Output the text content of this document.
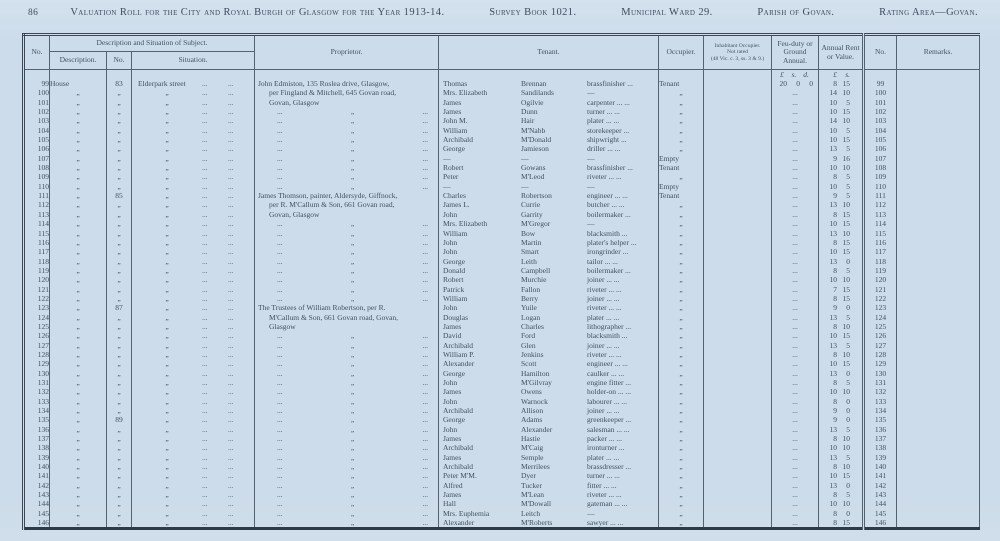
86	Valuation Roll for the City and Royal Burgh of Glasgow for the Year 1913-14.	Survey Book 1021.	Municipal Ward 29.	Parish of Govan.	Rating Area—Govan.
No.	Description and Situation of Subject.			Proprietor.	Tenant.	Occupier.	Inhabitant Occupier.
Not rated
(48 Vic. c. 3, ss. 3 & 9.)	Feu-duty or Ground Annual.	Annual Rent or Value.	No.	Remarks.
	Description.	No.	Situation.								

								£ s. d.	£ s.		

99	House	83	Elderpark street ... ...	John Edmiston, 135 Roslea drive, Glasgow,	Thomas Brennan brassfinisher ...	Tenant		20 0 0	8 15	99	
100	„	„	„ ... ...	per Fingland & Mitchell, 645 Govan road,	Mrs. Elizabeth Sandilands —	„		...	14 10	100	
101	„	„	„ ... ...	Govan, Glasgow	James Ogilvie carpenter ... ...	„		...	10 5	101	
102	„	„	„ ... ...	... „ ...	James Dunn turner ... ...	„		...	10 15	102	
103	„	„	„ ... ...	... „ ...	John M. Hair plater ... ...	„		...	14 10	103	
104	„	„	„ ... ...	... „ ...	William M'Nabb storekeeper ...	„		...	10 5	104	
105	„	„	„ ... ...	... „ ...	Archibald M'Donald shipwright ...	„		...	10 15	105	
106	„	„	„ ... ...	... „ ...	George Jamieson driller ... ...	„		...	13 5	106	
107	„	„	„ ... ...	... „ ...	— — —	Empty		...	9 16	107	
108	„	„	„ ... ...	... „ ...	Robert Gowans brassfinisher ...	Tenant		...	10 10	108	
109	„	„	„ ... ...	... „ ...	Peter M'Leod riveter ... ...	„		...	8 5	109	
110	„	„	„ ... ...	... „ ...	— — —	Empty		...	10 5	110	
111	„	85	„ ... ...	James Thomson, painter, Aldersyde, Giffnock,	Charles Robertson engineer ... ...	Tenant		...	9 5	111	
112	„	„	„ ... ...	per R. M'Callum & Son, 661 Govan road,	James L. Currie butcher ... ...	„		...	13 10	112	
113	„	„	„ ... ...	Govan, Glasgow	John Garrity boilermaker ...	„		...	8 15	113	
114	„	„	„ ... ...	... „ ...	Mrs. Elizabeth M'Gregor —	„		...	10 15	114	
115	„	„	„ ... ...	... „ ...	William Bow blacksmith ...	„		...	13 10	115	
116	„	„	„ ... ...	... „ ...	John Martin plater's helper ...	„		...	8 15	116	
117	„	„	„ ... ...	... „ ...	John Smart irongrinder ...	„		...	10 15	117	
118	„	„	„ ... ...	... „ ...	George Leith tailor ... ...	„		...	13 0	118	
119	„	„	„ ... ...	... „ ...	Donald Campbell boilermaker ...	„		...	8 5	119	
120	„	„	„ ... ...	... „ ...	Robert Murchie joiner ... ...	„		...	10 10	120	
121	„	„	„ ... ...	... „ ...	Patrick Fallon riveter ... ...	„		...	7 15	121	
122	„	„	„ ... ...	... „ ...	William Berry joiner ... ...	„		...	8 15	122	
123	„	87	„ ... ...	The Trustees of William Robertson, per R.	John Yuile riveter ... ...	„		...	9 0	123	
124	„	„	„ ... ...	M'Callum & Son, 661 Govan road, Govan,	Douglas Logan plater ... ...	„		...	13 5	124	
125	„	„	„ ... ...	Glasgow	James Charles lithographer ...	„		...	8 10	125	
126	„	„	„ ... ...	... „ ...	David Ford blacksmith ...	„		...	10 15	126	
127	„	„	„ ... ...	... „ ...	Archibald Glen joiner ... ...	„		...	13 5	127	
128	„	„	„ ... ...	... „ ...	William P. Jenkins riveter ... ...	„		...	8 10	128	
129	„	„	„ ... ...	... „ ...	Alexander Scott engineer ... ...	„		...	10 15	129	
130	„	„	„ ... ...	... „ ...	George Hamilton caulker ... ...	„		...	13 0	130	
131	„	„	„ ... ...	... „ ...	John M'Gilvray engine fitter ...	„		...	8 5	131	
132	„	„	„ ... ...	... „ ...	James Owens holder-on ... ...	„		...	10 10	132	
133	„	„	„ ... ...	... „ ...	John Warnock labourer ... ...	„		...	8 0	133	
134	„	„	„ ... ...	... „ ...	Archibald Allison joiner ... ...	„		...	9 0	134	
135	„	89	„ ... ...	... „ ...	George Adams greenkeeper ...	„		...	9 0	135	
136	„	„	„ ... ...	... „ ...	John Alexander salesman ... ...	„		...	13 5	136	
137	„	„	„ ... ...	... „ ...	James Hastie packer ... ...	„		...	8 10	137	
138	„	„	„ ... ...	... „ ...	Archibald M'Caig ironturner ...	„		...	10 10	138	
139	„	„	„ ... ...	... „ ...	James Semple plater ... ...	„		...	13 5	139	
140	„	„	„ ... ...	... „ ...	Archibald Merrilees brassdresser ...	„		...	8 10	140	
141	„	„	„ ... ...	... „ ...	Peter M'M. Dyer turner ... ...	„		...	10 15	141	
142	„	„	„ ... ...	... „ ...	Alfred Tucker fitter ... ...	„		...	13 0	142	
143	„	„	„ ... ...	... „ ...	James M'Lean riveter ... ...	„		...	8 5	143	
144	„	„	„ ... ...	... „ ...	Hall M'Dowall gateman ... ...	„		...	10 10	144	
145	„	„	„ ... ...	... „ ...	Mrs. Euphemia Leitch —	„		...	8 0	145	
146	„	„	„ ... ...	... „ ...	Alexander M'Roberts sawyer ... ...	„		...	8 15	146	
